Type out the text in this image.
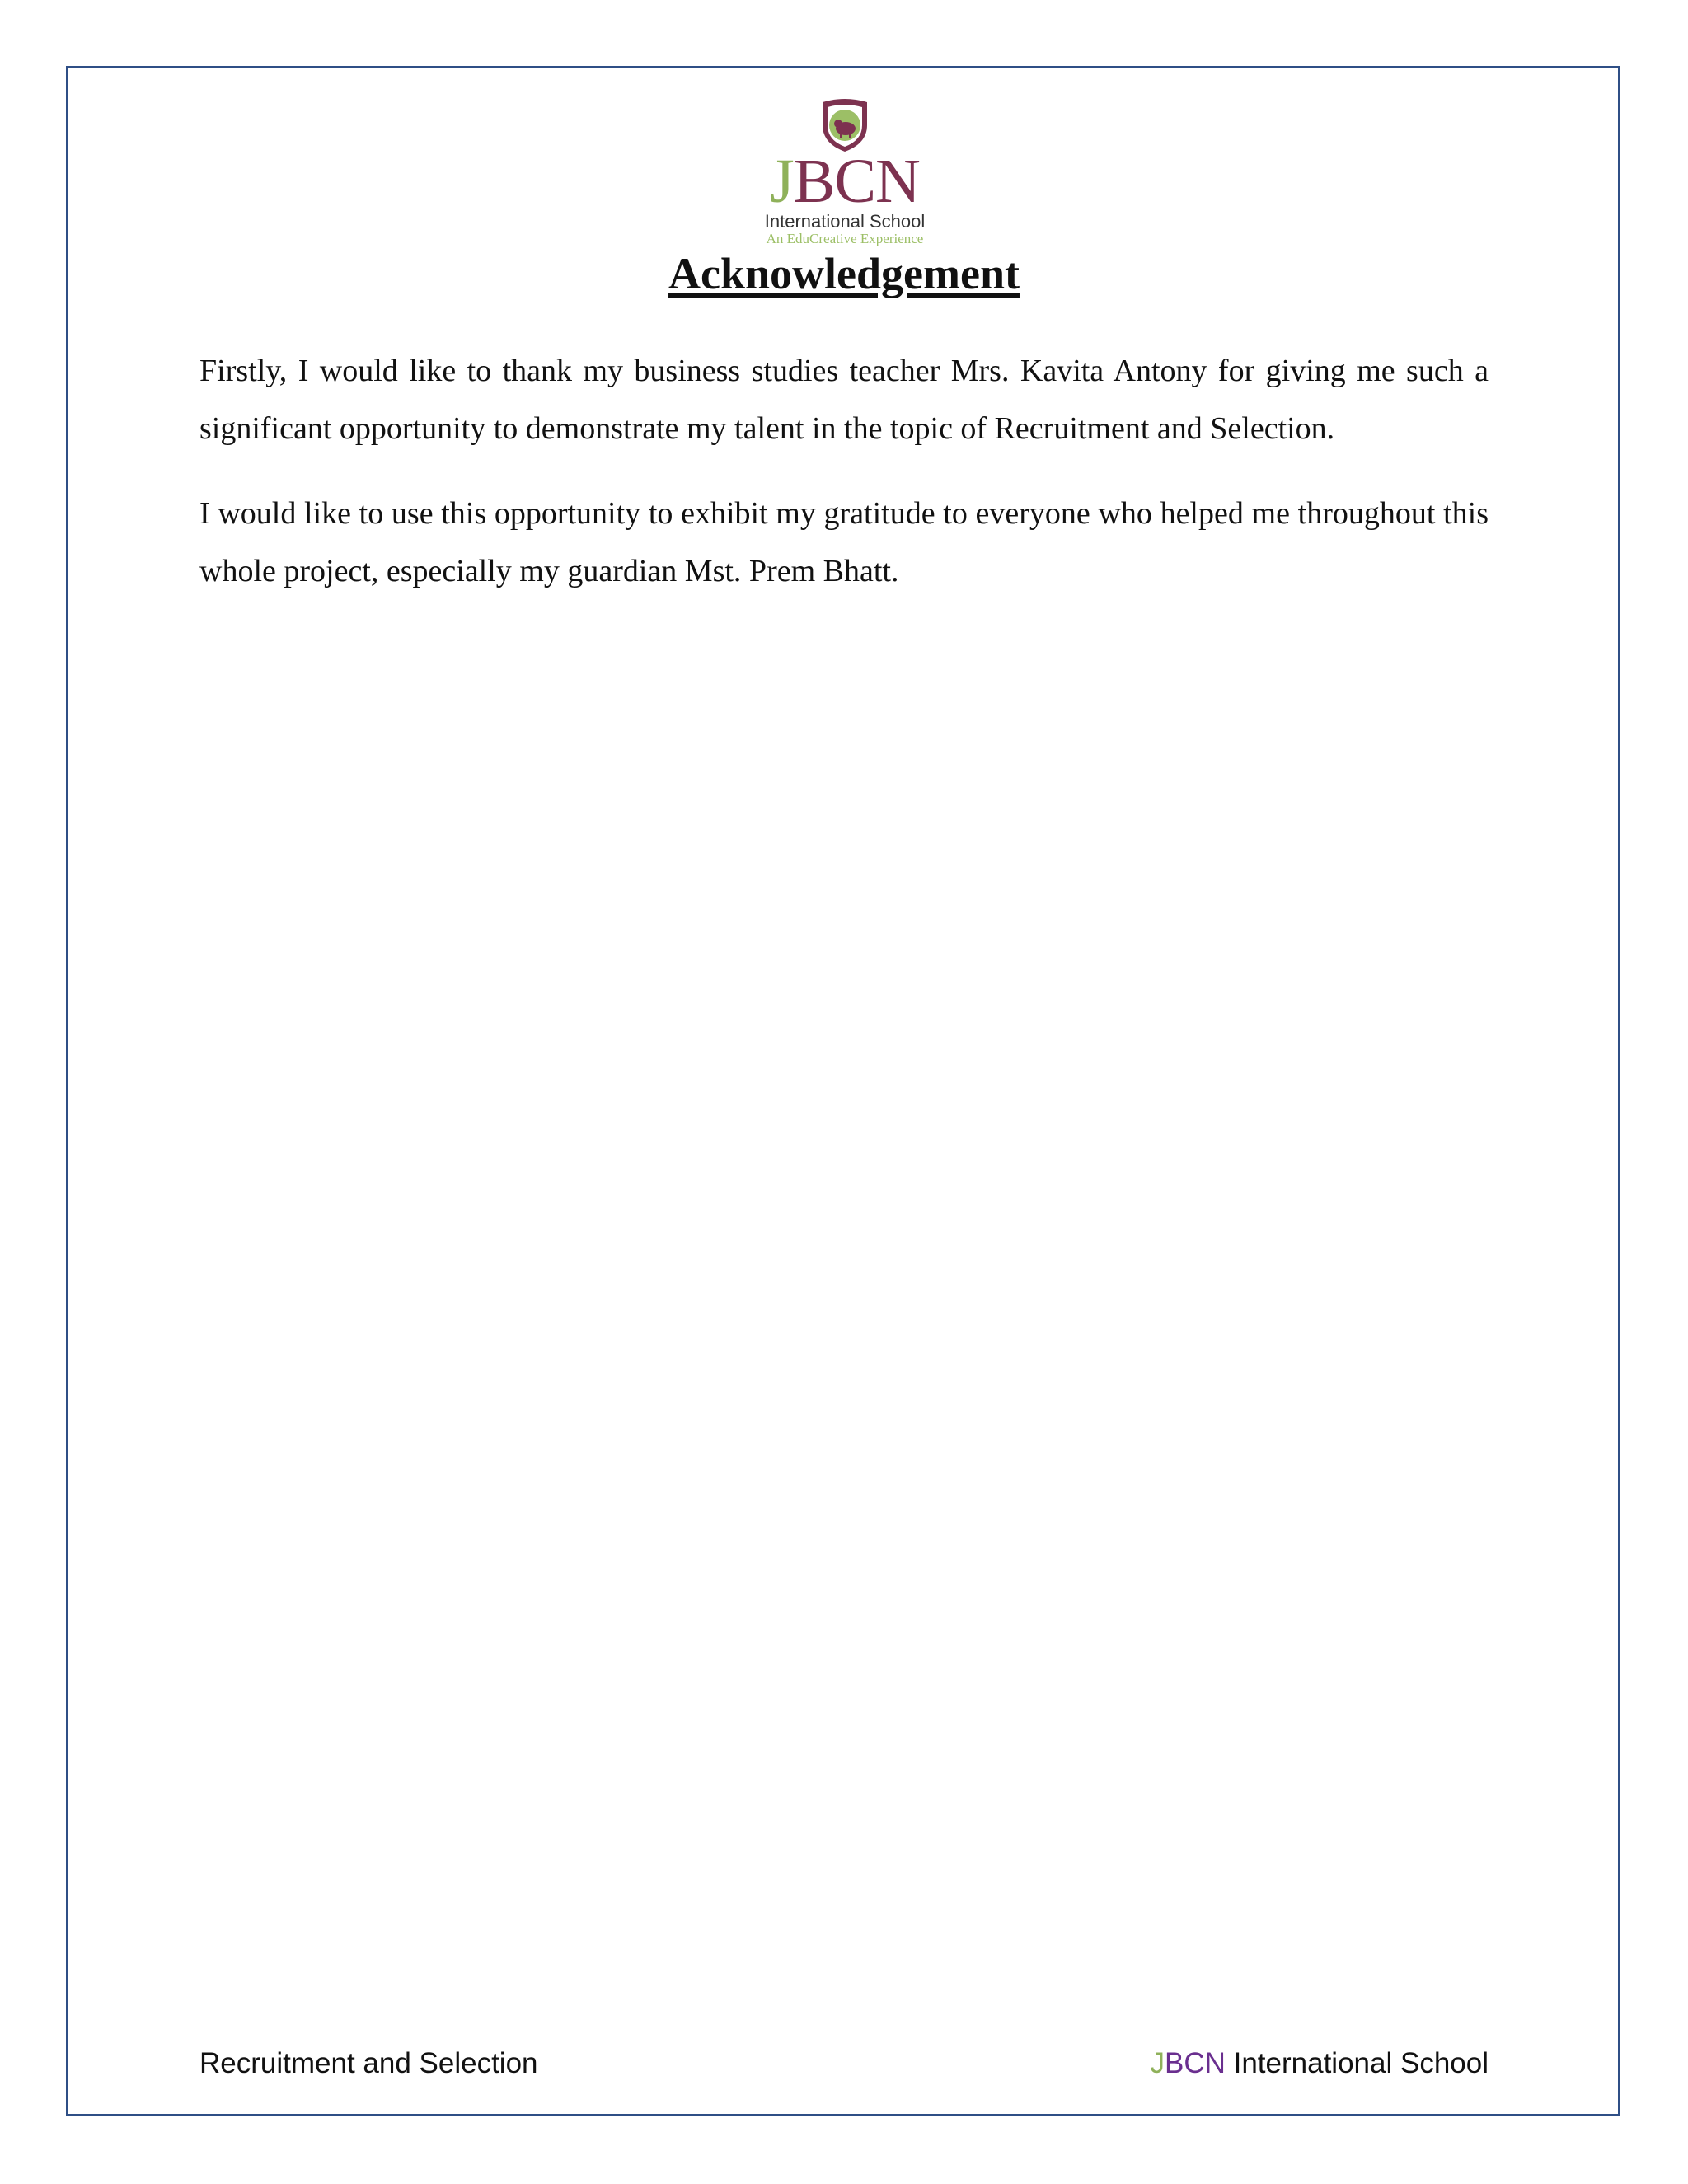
JBCN
International School
An EduCreative Experience
Acknowledgement

Firstly, I would like to thank my business studies teacher Mrs. Kavita Antony for giving me such a significant opportunity to demonstrate my talent in the topic of Recruitment and Selection.

I would like to use this opportunity to exhibit my gratitude to everyone who helped me throughout this whole project, especially my guardian Mst. Prem Bhatt.

Recruitment and Selection	JBCN International School
